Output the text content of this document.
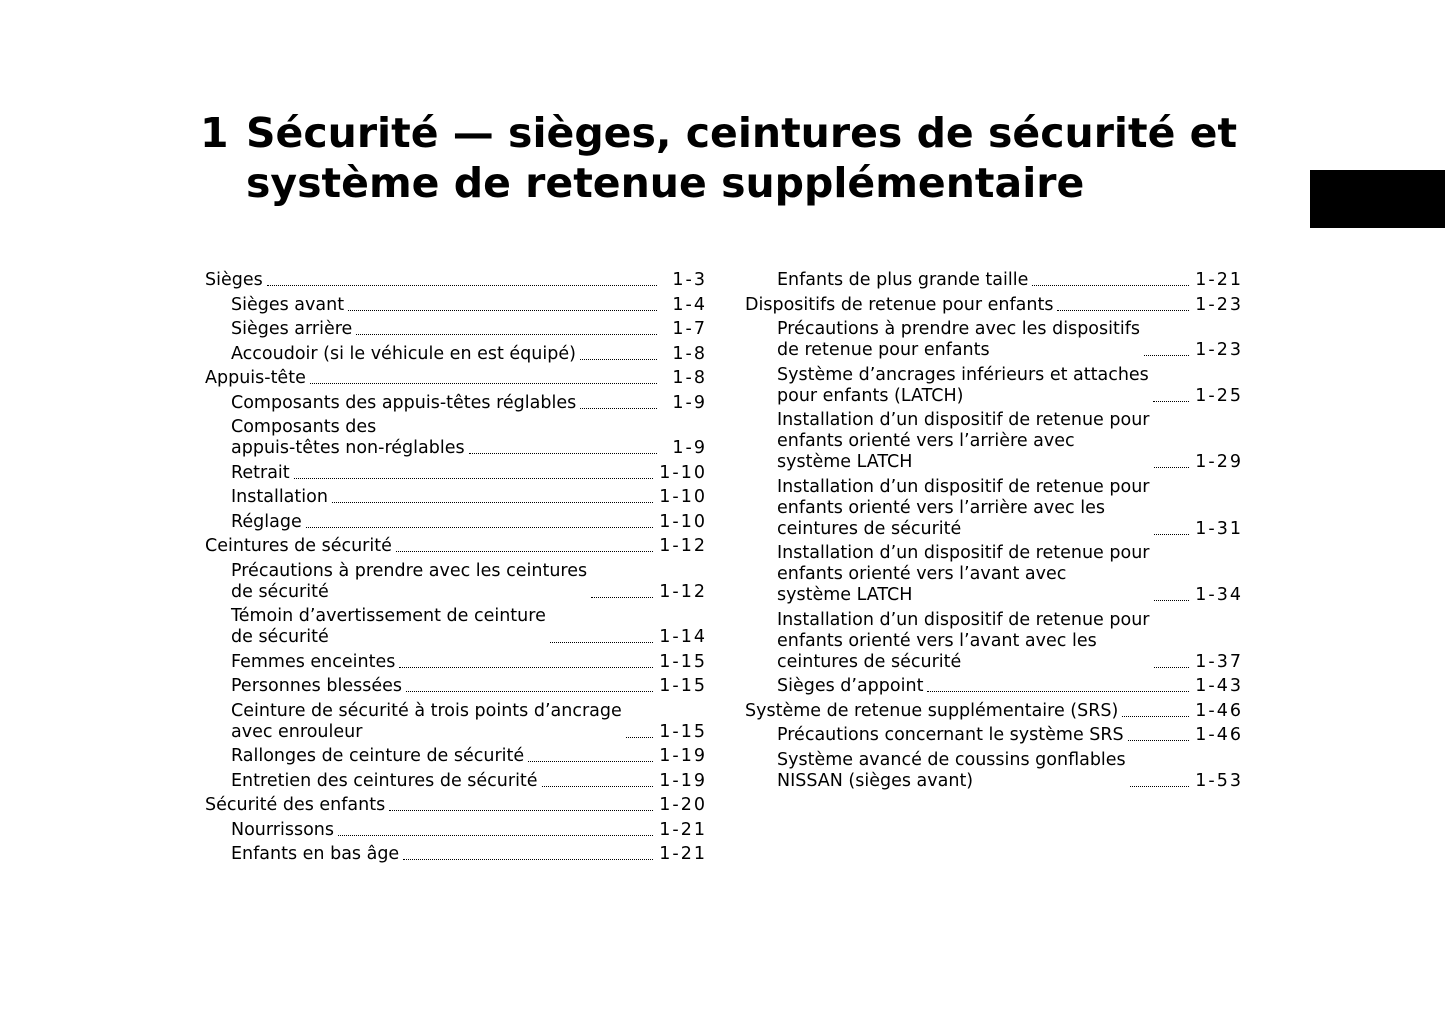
1 Sécurité — sièges, ceintures de sécurité et système de retenue supplémentaire
Sièges	1-3
Sièges avant	1-4
Sièges arrière	1-7
Accoudoir (si le véhicule en est équipé)	1-8
Appuis-tête	1-8
Composants des appuis-têtes réglables	1-9
Composants des
appuis-têtes non-réglables	1-9
Retrait	1-10
Installation	1-10
Réglage	1-10
Ceintures de sécurité	1-12
Précautions à prendre avec les ceintures
de sécurité	1-12
Témoin d’avertissement de ceinture
de sécurité	1-14
Femmes enceintes	1-15
Personnes blessées	1-15
Ceinture de sécurité à trois points d’ancrage
avec enrouleur	1-15
Rallonges de ceinture de sécurité	1-19
Entretien des ceintures de sécurité	1-19
Sécurité des enfants	1-20
Nourrissons	1-21
Enfants en bas âge	1-21
Enfants de plus grande taille	1-21
Dispositifs de retenue pour enfants	1-23
Précautions à prendre avec les dispositifs
de retenue pour enfants	1-23
Système d’ancrages inférieurs et attaches
pour enfants (LATCH)	1-25
Installation d’un dispositif de retenue pour
enfants orienté vers l’arrière avec
système LATCH	1-29
Installation d’un dispositif de retenue pour
enfants orienté vers l’arrière avec les
ceintures de sécurité	1-31
Installation d’un dispositif de retenue pour
enfants orienté vers l’avant avec
système LATCH	1-34
Installation d’un dispositif de retenue pour
enfants orienté vers l’avant avec les
ceintures de sécurité	1-37
Sièges d’appoint	1-43
Système de retenue supplémentaire (SRS)	1-46
Précautions concernant le système SRS	1-46
Système avancé de coussins gonflables
NISSAN (sièges avant)	1-53
